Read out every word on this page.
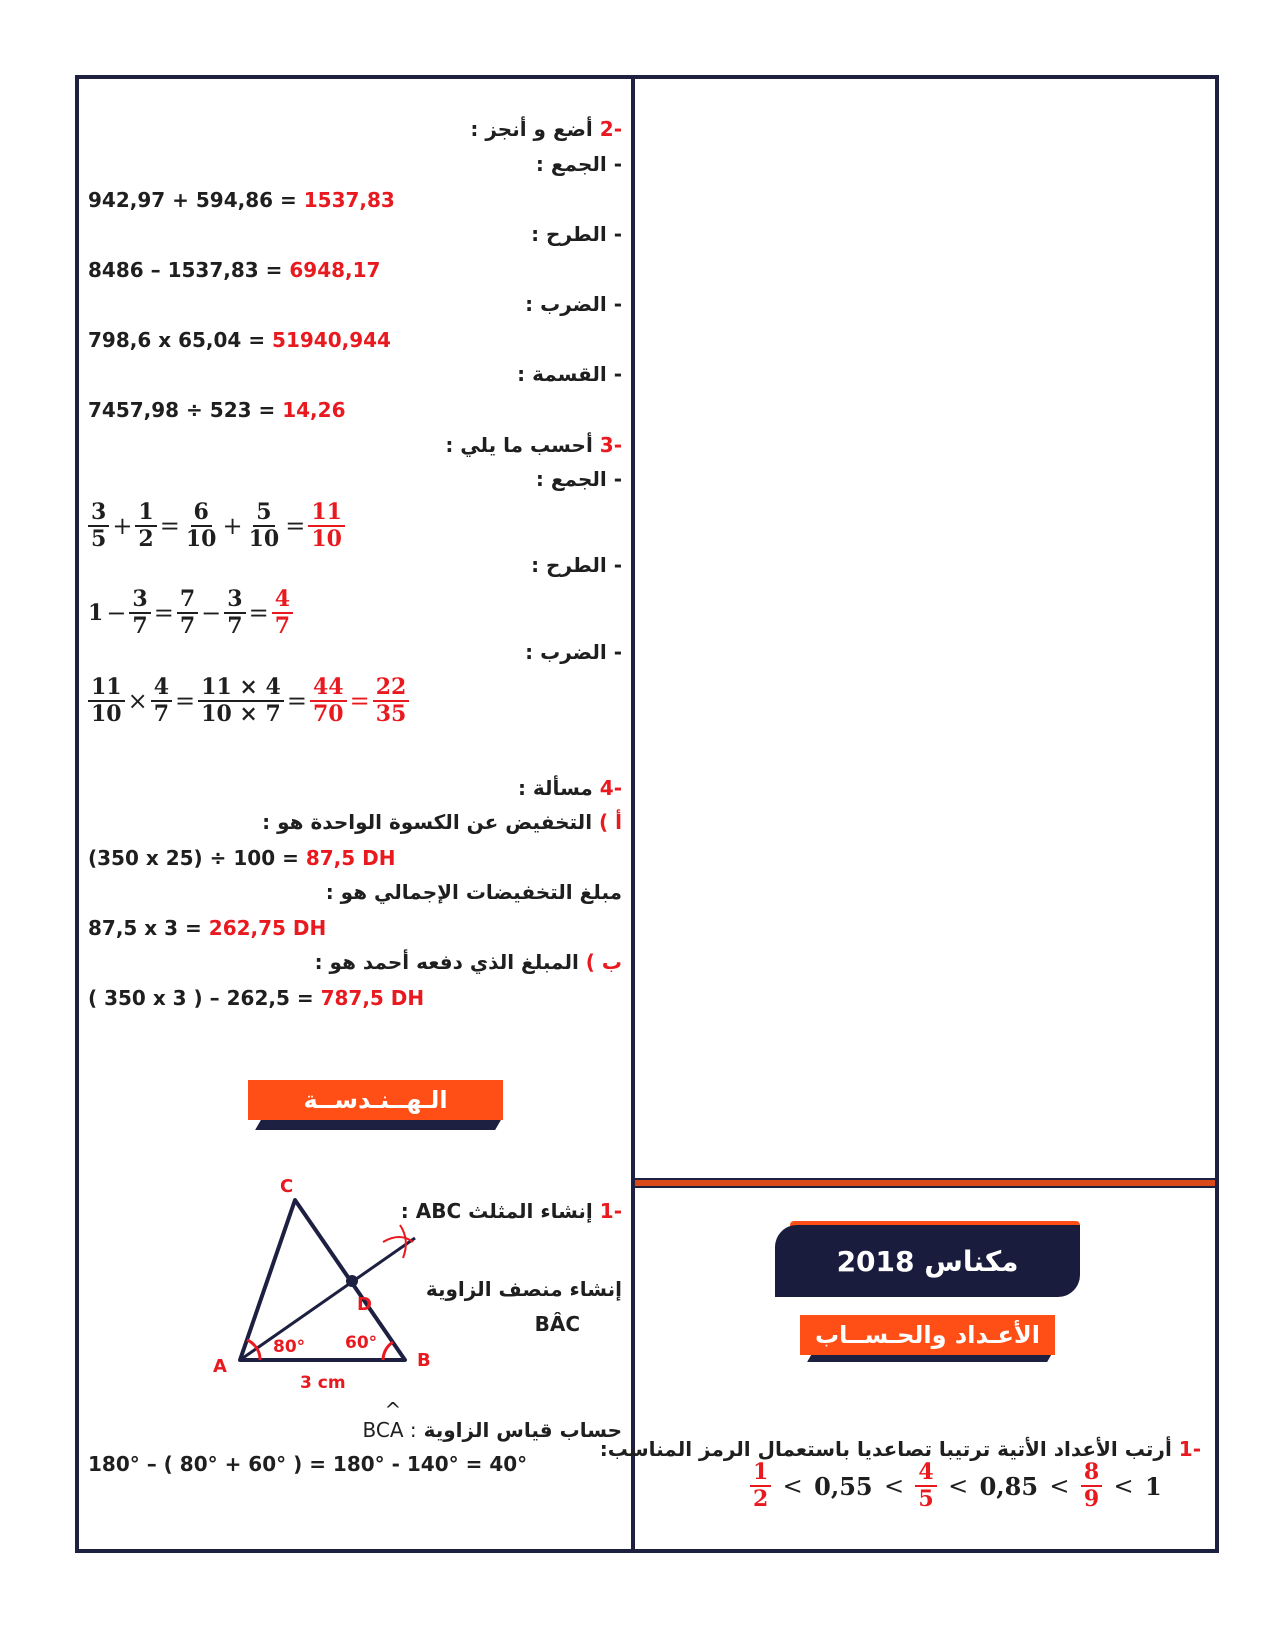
-2 أضع و أنجز :
- الجمع :
942,97 + 594,86 = 1537,83
- الطرح :
8486 – 1537,83 = 6948,17
- الضرب :
798,6 x 65,04 = 51940,944
- القسمة :
7457,98 ÷ 523 = 14,26
-3 أحسب ما يلي :
- الجمع :
$\frac{3}{5} + \frac{1}{2} = \frac{6}{10} + \frac{5}{10} = \frac{11}{10}$
- الطرح :
$1 - \frac{3}{7} = \frac{7}{7} - \frac{3}{7} = \frac{4}{7}$
- الضرب :
$\frac{11}{10} \times \frac{4}{7} = \frac{11 \times 4}{10 \times 7} = \frac{44}{70} = \frac{22}{35}$
-4 مسألة :
أ ) التخفيض عن الكسوة الواحدة هو :
(350 x 25) ÷ 100 = 87,5 DH
مبلغ التخفيضات الإجمالي هو :
87,5 x 3 = 262,75 DH
ب ) المبلغ الذي دفعه أحمد هو :
( 350 x 3 ) – 262,5 = 787,5 DH
الـهــنـدســة
-1 إنشاء المثلث ABC :
إنشاء منصف الزاوية
BÂC
C
D
A	B
80° 60°
3 cm
حساب قياس الزاوية
^
BCA :
180° – ( 80° + 60° ) = 180° - 140° = 40°
مكناس 2018
الأعـداد والحـســاب
-1 أرتب الأعداد الأتية ترتيبا تصاعديا باستعمال الرمز المناسب:
$\frac{1}{2} < 0,55 < \frac{4}{5} < 0,85 < \frac{8}{9} < 1$
